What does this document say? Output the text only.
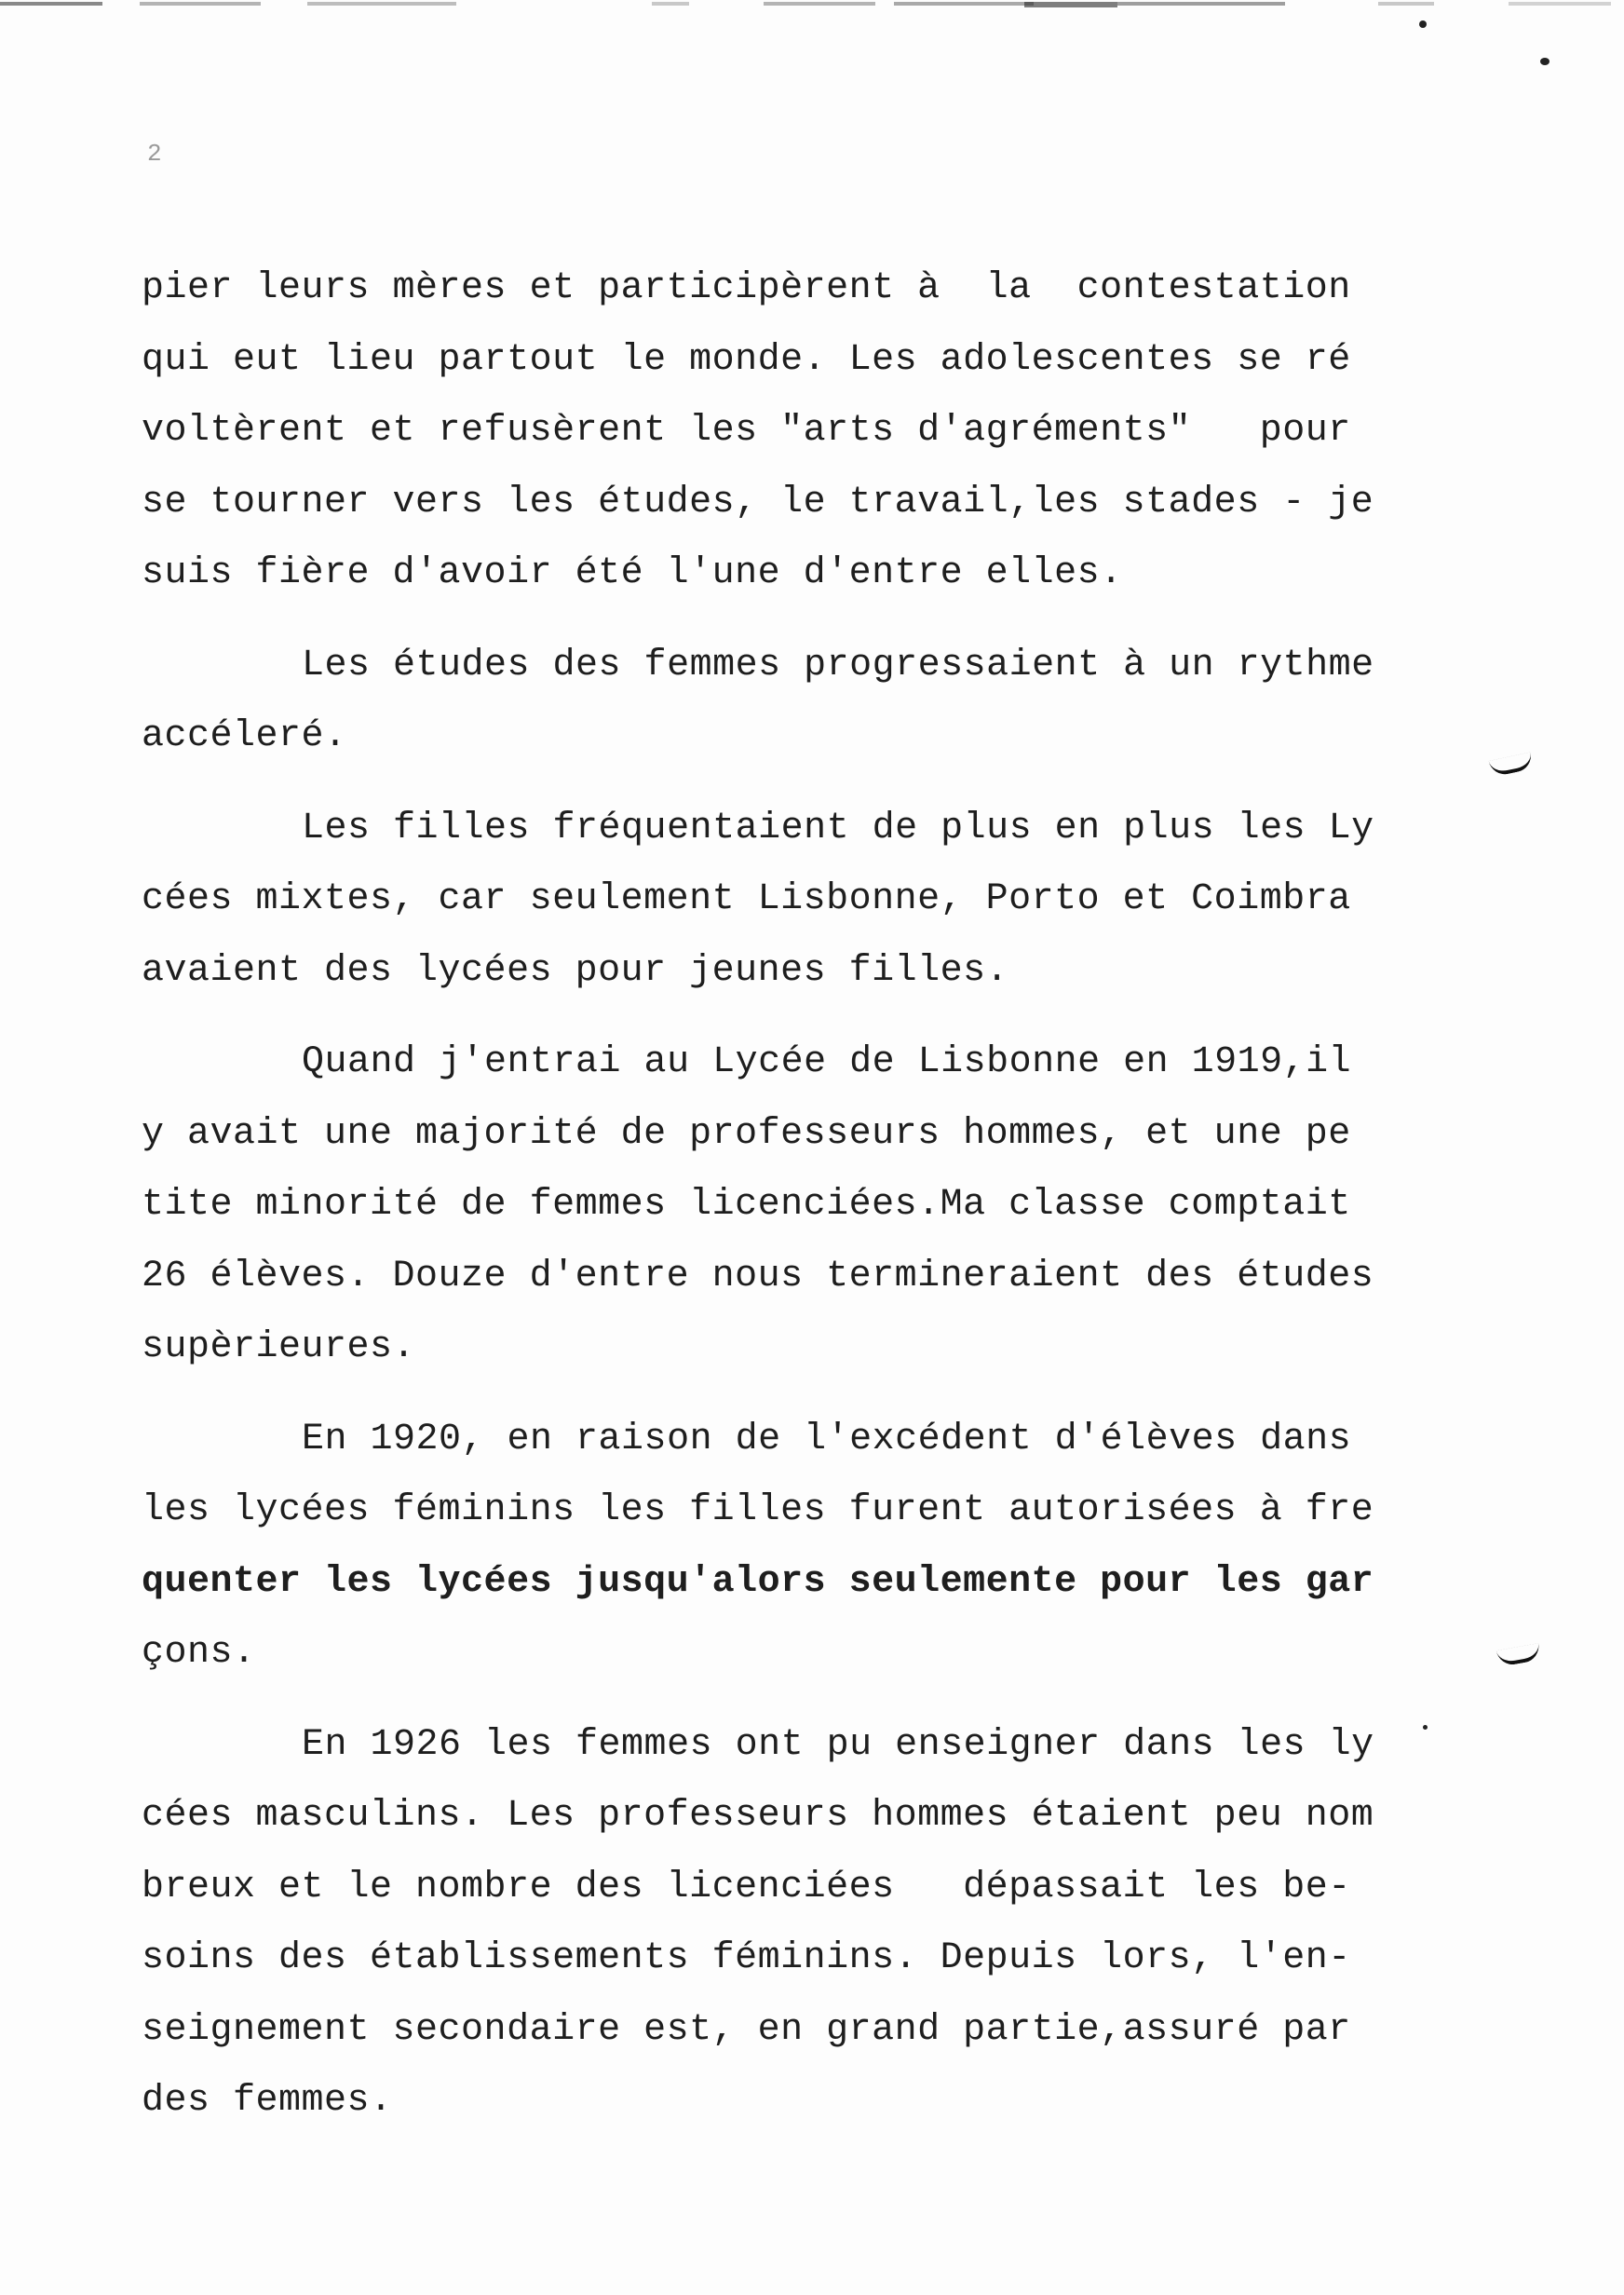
2
pier leurs mères et participèrent à  la  contestation
qui eut lieu partout le monde. Les adolescentes se ré
voltèrent et refusèrent les "arts d'agréments"   pour
se tourner vers les études, le travail,les stades - je
suis fière d'avoir été l'une d'entre elles.
Les études des femmes progressaient à un rythme
accéleré.
Les filles fréquentaient de plus en plus les Ly
cées mixtes, car seulement Lisbonne, Porto et Coimbra
avaient des lycées pour jeunes filles.
Quand j'entrai au Lycée de Lisbonne en 1919,il
y avait une majorité de professeurs hommes, et une pe
tite minorité de femmes licenciées.Ma classe comptait
26 élèves. Douze d'entre nous termineraient des études
supèrieures.
En 1920, en raison de l'excédent d'élèves dans
les lycées féminins les filles furent autorisées à fre
quenter les lycées jusqu'alors seulemente pour les gar
çons.
En 1926 les femmes ont pu enseigner dans les ly
cées masculins. Les professeurs hommes étaient peu nom
breux et le nombre des licenciées   dépassait les be-
soins des établissements féminins. Depuis lors, l'en-
seignement secondaire est, en grand partie,assuré par
des femmes.
